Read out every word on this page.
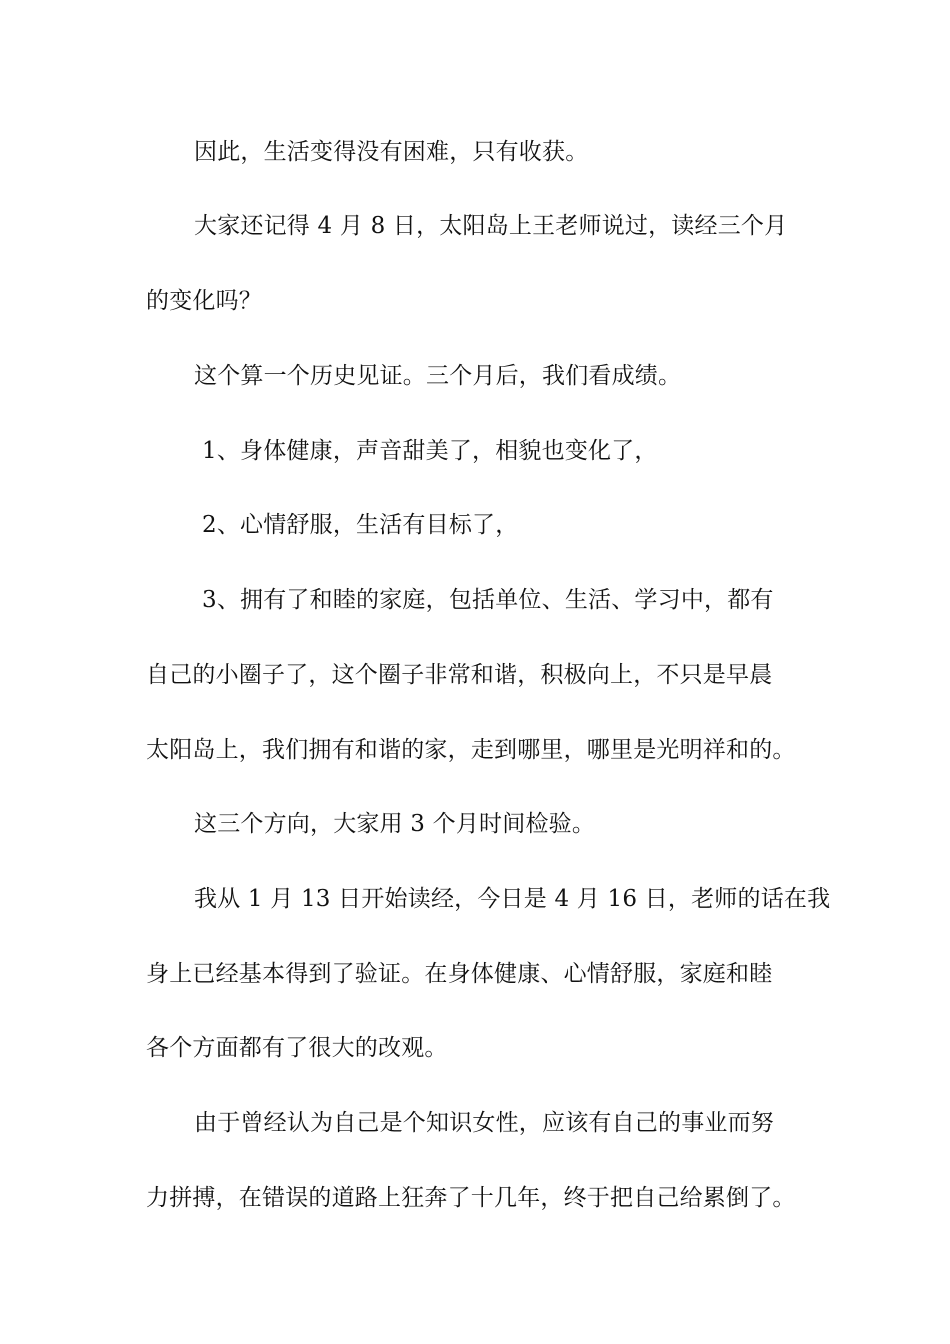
因此，生活变得没有困难，只有收获。
大家还记得 4 月 8 日，太阳岛上王老师说过，读经三个月
的变化吗？
这个算一个历史见证。三个月后，我们看成绩。
1、身体健康，声音甜美了，相貌也变化了，
2、心情舒服，生活有目标了，
3、拥有了和睦的家庭，包括单位、生活、学习中，都有
自己的小圈子了，这个圈子非常和谐，积极向上，不只是早晨
太阳岛上，我们拥有和谐的家，走到哪里，哪里是光明祥和的。
这三个方向，大家用 3 个月时间检验。
我从 1 月 13 日开始读经，今日是 4 月 16 日，老师的话在我
身上已经基本得到了验证。在身体健康、心情舒服，家庭和睦
各个方面都有了很大的改观。
由于曾经认为自己是个知识女性，应该有自己的事业而努
力拼搏，在错误的道路上狂奔了十几年，终于把自己给累倒了。
